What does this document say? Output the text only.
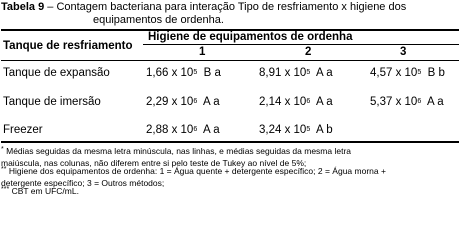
Tabela 9 – Contagem bacteriana para interação Tipo de resfriamento x higiene dos
equipamentos de ordenha.
Tanque de resfriamento
Higiene de equipamentos de ordenha
1	2	3
Tanque de expansão	1,66 x $10^5$ B a	8,91 x $10^5$ A a	4,57 x $10^5$ B b
Tanque de imersão	2,29 x $10^6$ A a	2,14 x $10^6$ A a	5,37 x $10^6$ A a
Freezer	2,88 x $10^6$ A a	3,24 x $10^5$ A b
* Médias seguidas da mesma letra minúscula, nas linhas, e médias seguidas da mesma letra
maiúscula, nas colunas, não diferem entre si pelo teste de Tukey ao nível de 5%;
** Higiene dos equipamentos de ordenha: 1 = Água quente + detergente específico; 2 = Água morna +
detergente específico; 3 = Outros métodos;
*** CBT em UFC/mL.
